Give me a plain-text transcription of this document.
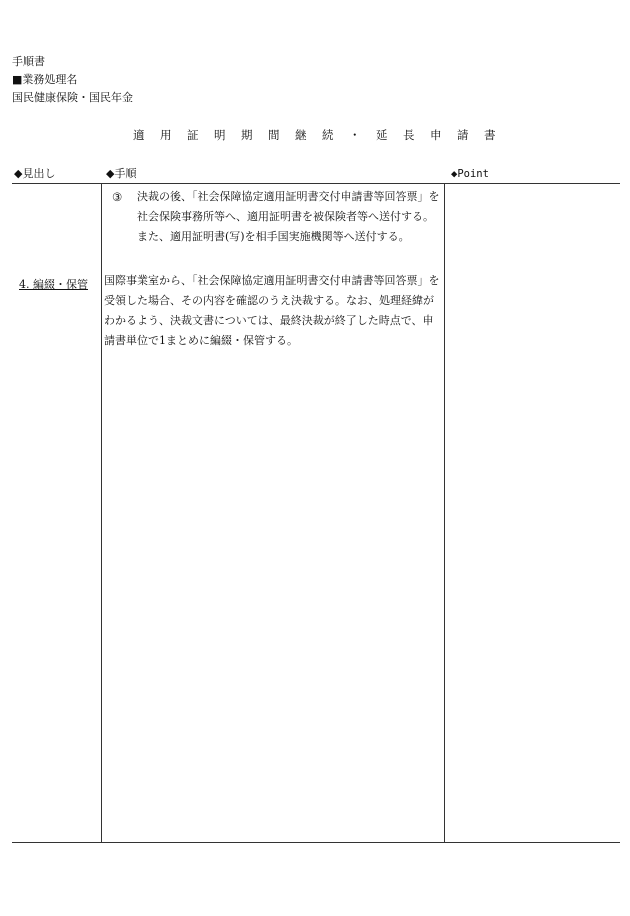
手順書
■業務処理名
国民健康保険・国民年金
適用証明期間継続・延長申請書
◆見出し	◆手順	◆Point
4. 編綴・保管
③ 決裁の後、「社会保障協定適用証明書交付申請書等回答票」を社会保険事務所等へ、適用証明書を被保険者等へ送付する。また、適用証明書(写)を相手国実施機関等へ送付する。

国際事業室から、「社会保障協定適用証明書交付申請書等回答票」を受領した場合、その内容を確認のうえ決裁する。なお、処理経緯がわかるよう、決裁文書については、最終決裁が終了した時点で、申請書単位で1まとめに編綴・保管する。
